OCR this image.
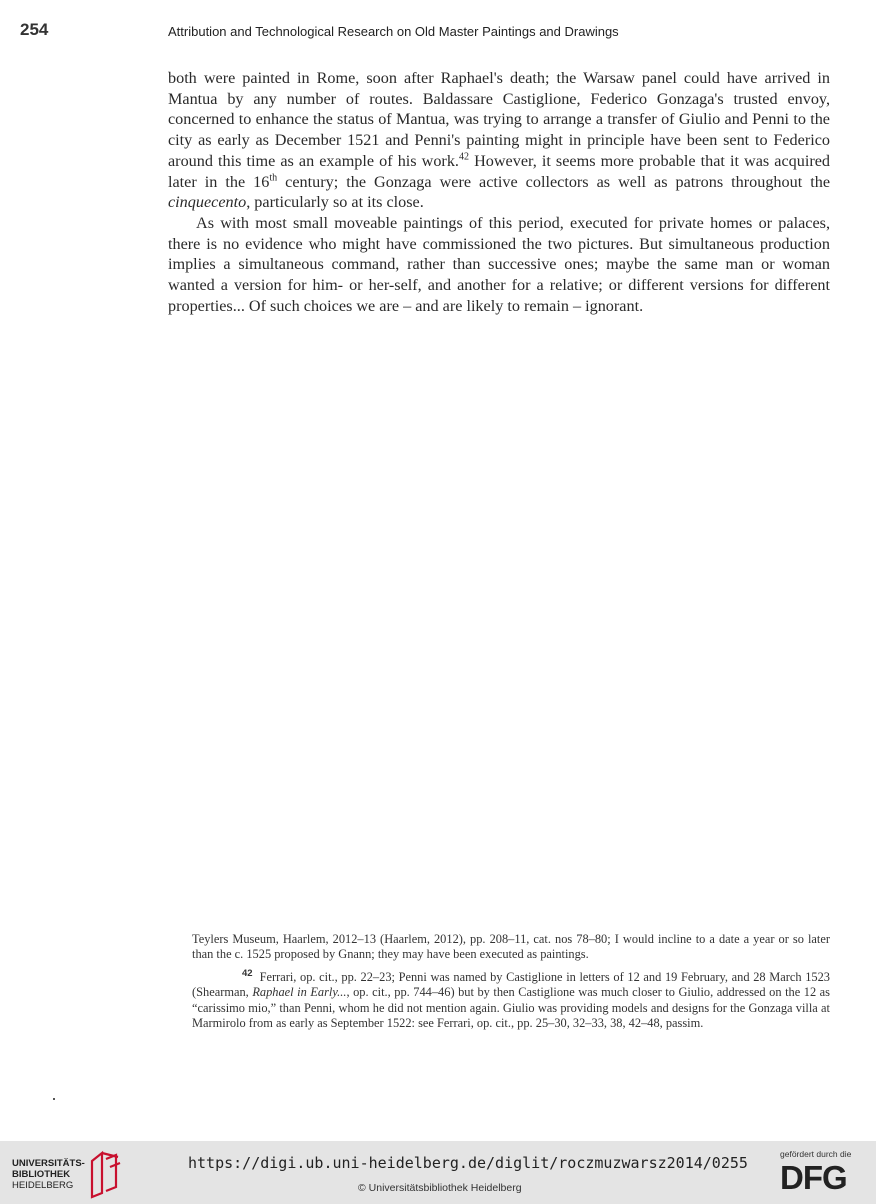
254	Attribution and Technological Research on Old Master Paintings and Drawings

both were painted in Rome, soon after Raphael's death; the Warsaw panel could have arrived in Mantua by any number of routes. Baldassare Castiglione, Federico Gonzaga's trusted envoy, concerned to enhance the status of Mantua, was trying to arrange a transfer of Giulio and Penni to the city as early as December 1521 and Penni's painting might in principle have been sent to Federico around this time as an example of his work.$^{42}$ However, it seems more probable that it was acquired later in the 16th century; the Gonzaga were active collectors as well as patrons throughout the cinquecento, particularly so at its close.

As with most small moveable paintings of this period, executed for private homes or palaces, there is no evidence who might have commissioned the two pictures. But simultaneous production implies a simultaneous command, rather than successive ones; maybe the same man or woman wanted a version for him- or her-self, and another for a relative; or different versions for different properties... Of such choices we are – and are likely to remain – ignorant.

Teylers Museum, Haarlem, 2012–13 (Haarlem, 2012), pp. 208–11, cat. nos 78–80; I would incline to a date a year or so later than the c. 1525 proposed by Gnann; they may have been executed as paintings.

$^{42}$ Ferrari, op. cit., pp. 22–23; Penni was named by Castiglione in letters of 12 and 19 February, and 28 March 1523 (Shearman, Raphael in Early..., op. cit., pp. 744–46) but by then Castiglione was much closer to Giulio, addressed on the 12 as “carissimo mio,” than Penni, whom he did not mention again. Giulio was providing models and designs for the Gonzaga villa at Marmirolo from as early as September 1522: see Ferrari, op. cit., pp. 25–30, 32–33, 38, 42–48, passim.

UNIVERSITÄTS-
BIBLIOTHEK
HEIDELBERG
https://digi.ub.uni-heidelberg.de/diglit/roczmuzwarsz2014/0255
© Universitätsbibliothek Heidelberg
gefördert durch die
DFG
